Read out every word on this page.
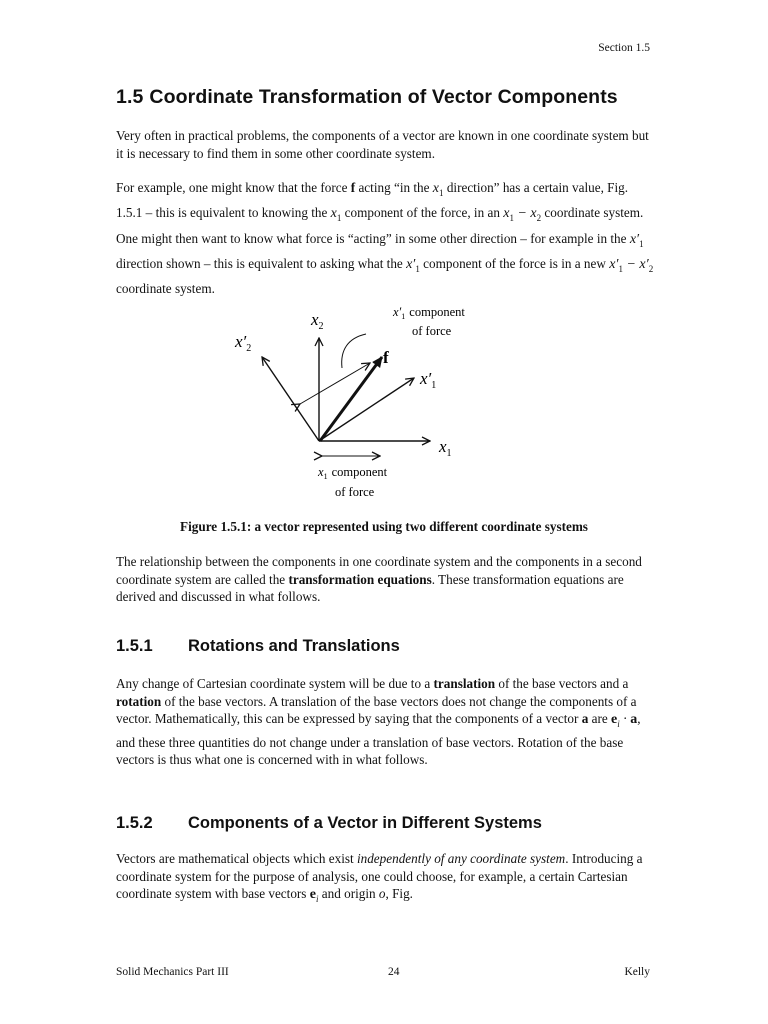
Section 1.5
1.5 Coordinate Transformation of Vector Components
Very often in practical problems, the components of a vector are known in one coordinate system but it is necessary to find them in some other coordinate system.
For example, one might know that the force f acting “in the $x_1$ direction” has a certain value, Fig. 1.5.1 – this is equivalent to knowing the $x_1$ component of the force, in an $x_1 - x_2$ coordinate system. One might then want to know what force is “acting” in some other direction – for example in the $x'_1$ direction shown – this is equivalent to asking what the $x'_1$ component of the force is in a new $x'_1 - x'_2$ coordinate system.
$x_2$
$x'_2$
$x'_1$
$x_1$
f
$x'_1$ component
of force
$x_1$ component
of force
Figure 1.5.1: a vector represented using two different coordinate systems
The relationship between the components in one coordinate system and the components in a second coordinate system are called the transformation equations. These transformation equations are derived and discussed in what follows.
1.5.1 Rotations and Translations
Any change of Cartesian coordinate system will be due to a translation of the base vectors and a rotation of the base vectors. A translation of the base vectors does not change the components of a vector. Mathematically, this can be expressed by saying that the components of a vector a are $e_i \cdot a$, and these three quantities do not change under a translation of base vectors. Rotation of the base vectors is thus what one is concerned with in what follows.
1.5.2 Components of a Vector in Different Systems
Vectors are mathematical objects which exist independently of any coordinate system. Introducing a coordinate system for the purpose of analysis, one could choose, for example, a certain Cartesian coordinate system with base vectors $e_i$ and origin o, Fig.
Solid Mechanics Part III	24	Kelly
